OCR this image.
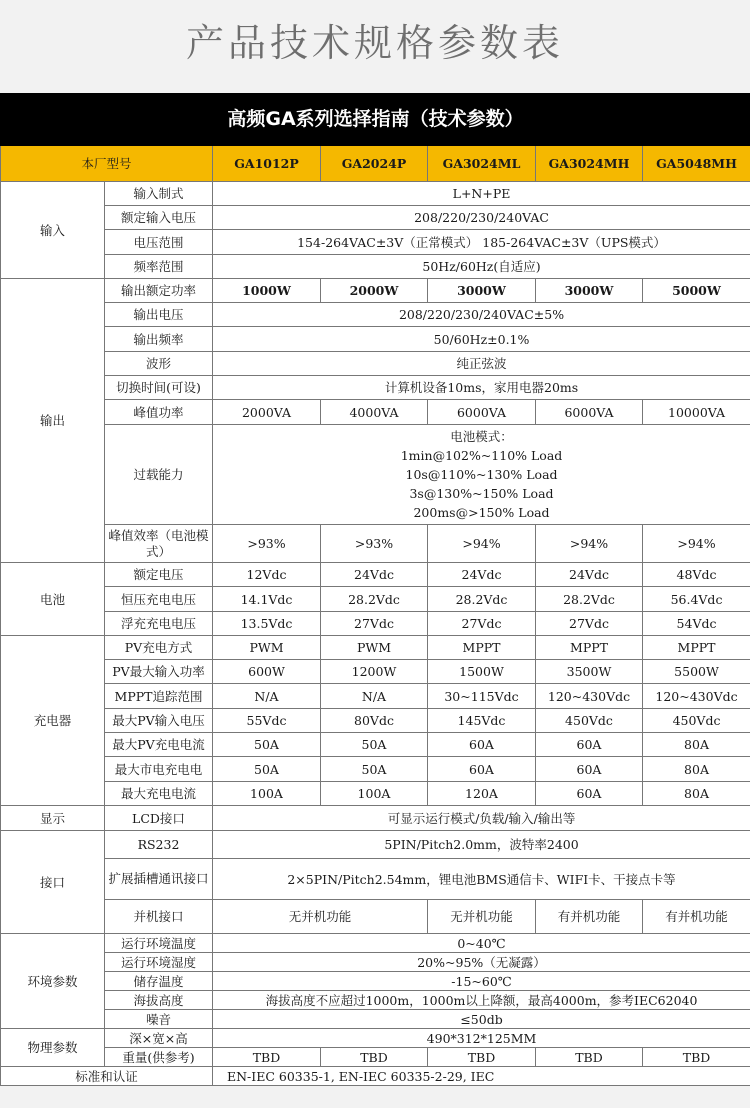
产品技术规格参数表
高频GA系列选择指南（技术参数）						
本厂型号		GA1012P	GA2024P	GA3024ML	GA3024MH	GA5048MH
输入	输入制式	L+N+PE				
	额定输入电压	208/220/230/240VAC				
	电压范围	154-264VAC±3V（正常模式） 185-264VAC±3V（UPS模式）				
	频率范围	50Hz/60Hz(自适应)				
输出	输出额定功率	1000W	2000W	3000W	3000W	5000W
	输出电压	208/220/230/240VAC±5%				
	输出频率	50/60Hz±0.1%				
	波形	纯正弦波				
	切换时间(可设)	计算机设备10ms，家用电器20ms				
	峰值功率	2000VA	4000VA	6000VA	6000VA	10000VA
	过载能力	电池模式：
1min@102%~110% Load
10s@110%~130% Load
3s@130%~150% Load
200ms@>150% Load				

	峰值效率（电池模式）	>93%	>93%	>94%	>94%	>94%
电池	额定电压	12Vdc	24Vdc	24Vdc	24Vdc	48Vdc
	恒压充电电压	14.1Vdc	28.2Vdc	28.2Vdc	28.2Vdc	56.4Vdc
	浮充充电电压	13.5Vdc	27Vdc	27Vdc	27Vdc	54Vdc
充电器	PV充电方式	PWM	PWM	MPPT	MPPT	MPPT
	PV最大输入功率	600W	1200W	1500W	3500W	5500W
	MPPT追踪范围	N/A	N/A	30~115Vdc	120~430Vdc	120~430Vdc
	最大PV输入电压	55Vdc	80Vdc	145Vdc	450Vdc	450Vdc
	最大PV充电电流	50A	50A	60A	60A	80A
	最大市电充电电	50A	50A	60A	60A	80A
	最大充电电流	100A	100A	120A	60A	80A
显示	LCD接口	可显示运行模式/负载/输入/输出等				
接口	RS232	5PIN/Pitch2.0mm，波特率2400				
	扩展插槽通讯接口	2×5PIN/Pitch2.54mm，锂电池BMS通信卡、WIFI卡、干接点卡等				
	并机接口	无并机功能		无并机功能	有并机功能	有并机功能
环境参数	运行环境温度	0~40℃				
	运行环境湿度	20%~95%（无凝露）				
	储存温度	-15~60℃				
	海拔高度	海拔高度不应超过1000m，1000m以上降额，最高4000m，参考IEC62040				
	噪音	≤50db				
物理参数	深×宽×高	490*312*125MM				
	重量(供参考)	TBD	TBD	TBD	TBD	TBD
标准和认证		EN-IEC 60335-1, EN-IEC 60335-2-29, IEC				
